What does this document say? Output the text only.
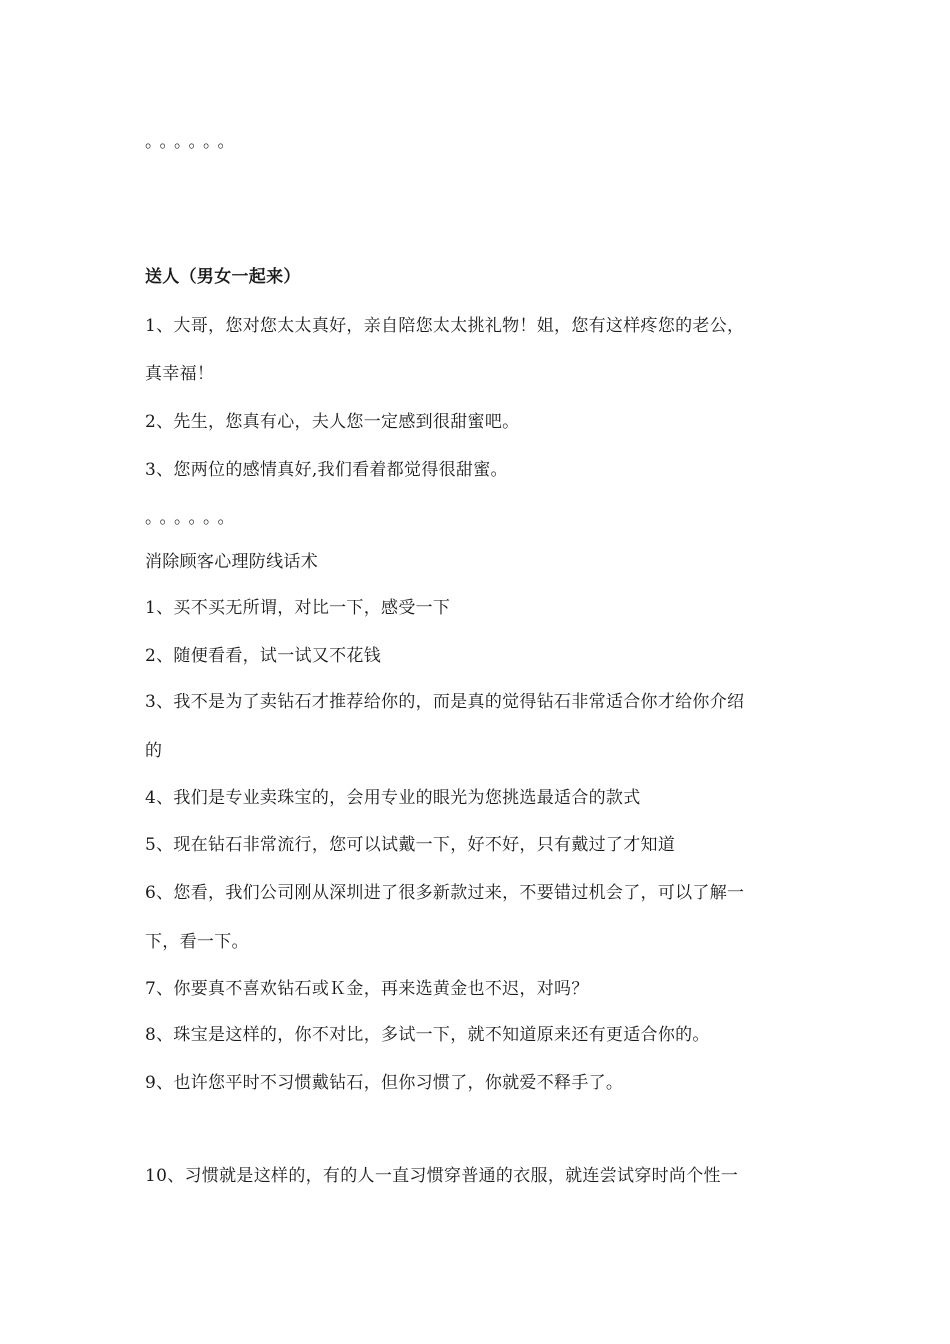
。。。。。。
送人（男女一起来）
1、大哥，您对您太太真好，亲自陪您太太挑礼物！姐，您有这样疼您的老公，
真幸福！
2、先生，您真有心，夫人您一定感到很甜蜜吧。
3、您两位的感情真好,我们看着都觉得很甜蜜。
。。。。。。
消除顾客心理防线话术
1、买不买无所谓，对比一下，感受一下
2、随便看看，试一试又不花钱
3、我不是为了卖钻石才推荐给你的，而是真的觉得钻石非常适合你才给你介绍
的
4、我们是专业卖珠宝的，会用专业的眼光为您挑选最适合的款式
5、现在钻石非常流行，您可以试戴一下，好不好，只有戴过了才知道
6、您看，我们公司刚从深圳进了很多新款过来，不要错过机会了，可以了解一
下，看一下。
7、你要真不喜欢钻石或Ｋ金，再来选黄金也不迟，对吗？
8、珠宝是这样的，你不对比，多试一下，就不知道原来还有更适合你的。
9、也许您平时不习惯戴钻石，但你习惯了，你就爱不释手了。
10、习惯就是这样的，有的人一直习惯穿普通的衣服，就连尝试穿时尚个性一
